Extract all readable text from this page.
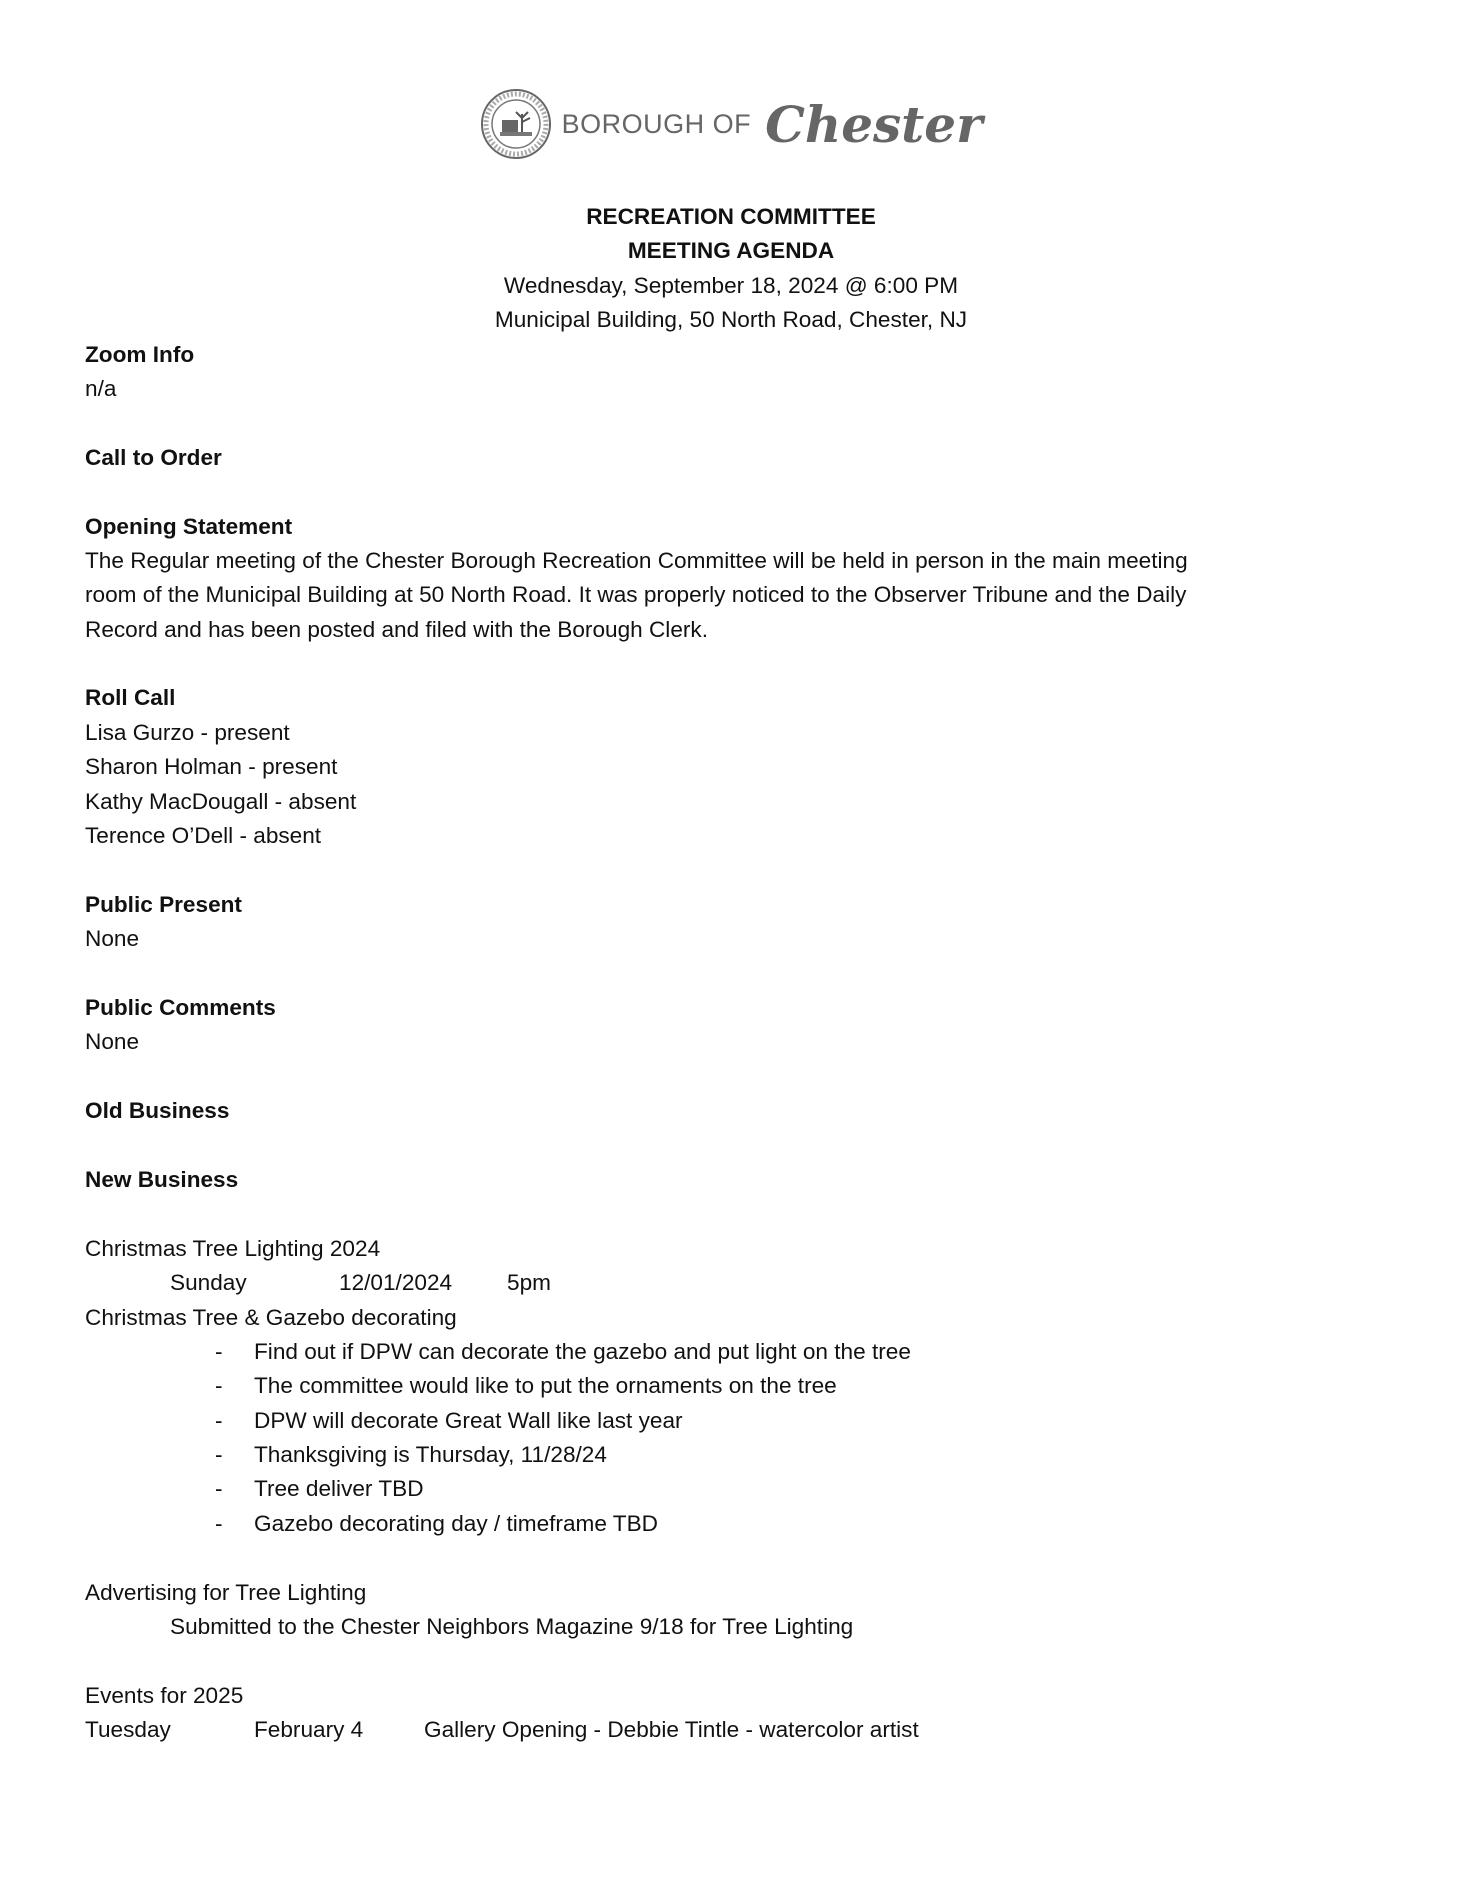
BOROUGH OF Chester
RECREATION COMMITTEE
MEETING AGENDA
Wednesday, September 18, 2024 @ 6:00 PM
Municipal Building, 50 North Road, Chester, NJ
Zoom Info
n/a
Call to Order
Opening Statement
The Regular meeting of the Chester Borough Recreation Committee will be held in person in the main meeting
room of the Municipal Building at 50 North Road. It was properly noticed to the Observer Tribune and the Daily
Record and has been posted and filed with the Borough Clerk.
Roll Call
Lisa Gurzo - present
Sharon Holman - present
Kathy MacDougall - absent
Terence O’Dell - absent
Public Present
None
Public Comments
None
Old Business
New Business
Christmas Tree Lighting 2024
Sunday	12/01/2024 5pm
Christmas Tree & Gazebo decorating
- Find out if DPW can decorate the gazebo and put light on the tree
- The committee would like to put the ornaments on the tree
- DPW will decorate Great Wall like last year
- Thanksgiving is Thursday, 11/28/24
- Tree deliver TBD
- Gazebo decorating day / timeframe TBD
Advertising for Tree Lighting
Submitted to the Chester Neighbors Magazine 9/18 for Tree Lighting
Events for 2025
Tuesday	February 4	Gallery Opening - Debbie Tintle - watercolor artist
